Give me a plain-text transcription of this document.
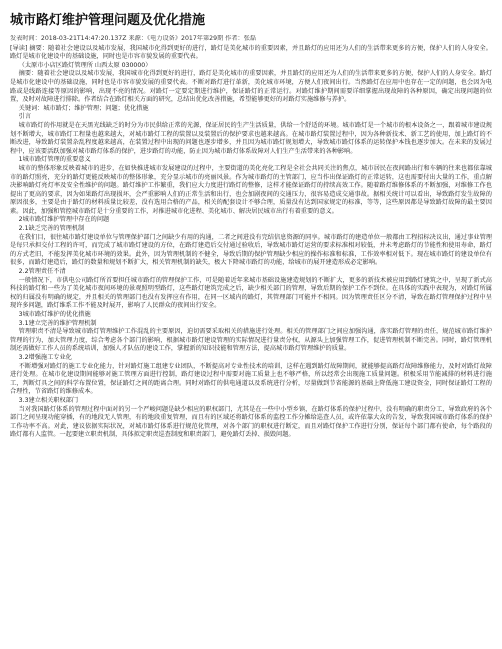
城市路灯维护管理问题及优化措施
发表时间：2018-03-21T14:47:20.137Z 来源：《电力设备》2017年第29期 作者：张磊
[导读] 摘要：随着社会建设以及城市发展，我国城市化得到更好的进行，路灯是美化城市的重要因素，并且路灯的应用还为人们的生活带来更多的方便，保护人们的人身安全。路灯是城市化建设中的基础设施，同时也是市容市貌发展的重要代表。
（太原市小店区路灯管理所 山西太原 030000）
摘要：随着社会建设以及城市发展，我国城市化得到更好的进行，路灯是美化城市的重要因素，并且路灯的应用还为人们的生活带来更多的方便，保护人们的人身安全。路灯是城市化建设中的基础设施，同时也是市容市貌发展的重要代表。不断对路灯进行革新，美化城市环境，方便人们夜间出行。当然路灯在应用中也存在一定的问题，也会因为电路或是线路连接等原因的影响，出现不亮的情况。对路灯一定要定期进行维护，保证路灯的正常运行。对路灯维护期间需要详细掌握出现故障的各种原因，确定出现问题的位置，及时对故障进行排除。作者结合在路灯相关方面的研究，总结出优化改善措施，希望能够更好的对路灯实施维修与养护。
关键词：城市路灯；维护管理；问题；优化措施
引言
城市路灯的作用就是在天黑光线缺乏的时分为市民供给正常的光源，保证居民的生产生活质量，供给一个舒适的环境。城市路灯是一个城市的根本设备之一，跟着城市建设规划不断增大，城市路灯工程量也越来越大，对城市路灯工程的装置以及装置后的保护要求也越来越高。在城市路灯装置过程中，因为各种新技术、新工艺的使用，加上路灯的不断改进，导致路灯装置杂乱程度越来越高，在装置过程中出现的问题也逐步增多，并且因为城市路灯规划增大，导致城市路灯体系的运转保护本钱也逐步加大。在未来的发展过程中，应该要活跃加强对城市路灯体系的保护，进步路灯的功能，防止因为城市路灯体系故障对人们生产生活带来的各种影响。
1城市路灯管理的重要意义
城市的整体形象反映着城市的进步，在如快推进城市发展建设的过程中，主要街道的美化亮化工程是全社会共同关注的焦点，城市居民在夜间路出行和车辆的往来也都依靠城市的路灯照亮，充分的路灯更能反映城市的整体形象，充分显示城市的亮丽风景。作为城市路灯的主管部门，应当作出保证路灯的正常运转，这也需要付出大量的工作，重点解决影响路灯亮灯率及安全性维护的问题。路灯维护工作繁重，我们应大力度进行路灯的整修，这样才能保证路灯的持续高效工作。随着路灯维修体系的不断加强，对维修工作也提出了更高的要求，因为如果路灯出现损坏，会严重影响人们的正常生活和出行，也会加剧夜间的交通压力，很容易造成交通事故。据相关统计可以看出，导致路灯发生故障的原因很多，主要是由于路灯的材料质量比较差，没有选用合格的产品，相关的配套设计不够合理，质量没有达到国家规定的标准，等等，这些原因都是导致路灯故障的最主要因素。因此，加强和管控城市路灯是十分重要的工作，对推进城市化进程、美化城市、解决居民城市出行有着重要的意义。
2城市路灯维护管理中存在的问题
2.1缺乏完善的管理机制
在我们目，很往城市路灯建设单位与管理保护部门之间缺少有用的沟通，二者之间进没有完结信息资源的同享。城市路灯的建造单位一般都由工程招标决议出，通过事业管理是每只承担交付工程的许可，而完成了城市路灯建设的方位，在路灯建造后交付通过验收后，导致城市路灯运营的要求标准相对较低，并未考虑路灯的节能性和使用寿命，路灯的方式老旧，不能发挥美化城市环境的效果。此外，因为管理机制的不健全，导致后期的保护管理缺少相应的操作标准和标准，工作效率相对低下。现在城市路灯的建设单位有很多，而路灯建造后，路灯的数量和规划不断扩大，相关管理机制的缺失，极大下降城市路灯的功能，给城市的展开建造形成必定影响。
2.2管理责任不清
一般情况下，市供电公司路灯所首要担任城市路灯的管理保护工作，可是随着近年来城市基础设施建造规划的不断扩大，更多的新技术被应用到路灯建筑之中，呈现了新式高科技的路灯和一些为了美化城市夜间环境的景观照明型路灯，这些路灯建筑完成之后，缺少相关部门的管理，导致后期的保护工作不到位。在具体的实践中表现为，对路灯所属权的归属没有明确的规定，并且相关的管理部门也没有发挥应有作用，在同一区域内的路灯，其管理部门可能并不相同。因为管理责任区分不清，导致在路灯管理保护过程中呈现许多问题，路灯维系工作不能及时展开，影响了人民群众的夜间出行安全。
3城市路灯维护的优化措施
3.1建立完善的维护管理机制
管理职责不清是导致城市路灯管理维护工作混乱的主要原因，迫切需要采取相关的措施进行处理。相关的管理部门之间应加强沟通，落实路灯管理的责任，规范城市路灯维护管理的行为，加大管理力度，综合考虑各个部门的影响，根据城市路灯建设管理的实际情况进行量责分权，从源头上加强管理工作，促进管理机制不断完善。同时，路灯管理机制还需做好工作人员的系统培训，加强人才队伍的建设工作，掌握新的知识技能和管理方法，提高城市路灯管理维护的质量。
3.2增强施工专业化
不断增强对路灯的施工专业化能力，针对路灯施工组建专业团队，不断提高对专业性技术的培训，这样在遇到路灯故障期间，就能够提高路灯故障维修能力，及时对路灯故障进行处理。在城市化建设期间能够对施工管理方面进行控制，路灯建设过程中需要对施工质量上也不够严格，所以经常会出现施工质量问题。积极采用节能减排的材料进行施工，判断灯具之间的科学布置位置，保证路灯之间的距离合理。同时对路灯的供电通道以及系统进行分析，尽量做到节省能源的基础上降低施工建设资金，同时保证路灯工程的合理性，节省路灯的维修成本。
3.3建立相关职权部门
当对我国路灯体系的管理过程中面对的另一个严峻问题是缺少相应的职权部门，尤其是在一些中小型乡镇，在路灯体系的保护过程中，没有明确的职责分工，导致政府的各个部门之间呈现功能穿插，有的地段无人管理，有的地段重复管理，而且有的区域还将路灯体系的监控工作分摊给巡查人员，或许依靠大众的告发，导致我国城市路灯体系的保护工作功率不高。对此，建议依据实际状况，对城市路灯体系进行规范化管理，对各个部门的职权进行断定，而且对路灯保护工作进行分别，保证每个部门都有使命，每个路段的路灯都有人监管。一起要建立职责机制，具体拟定职责巡查制度和职责部门，避免路灯丢掉、损毁问题。
